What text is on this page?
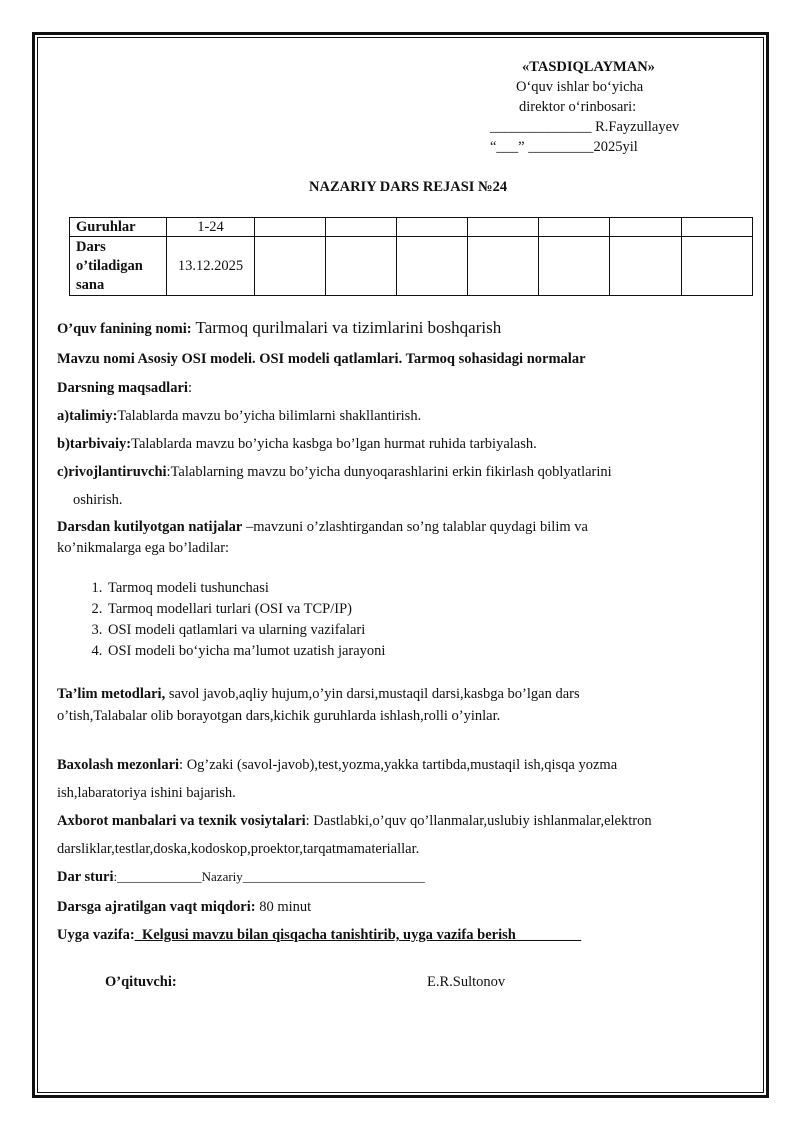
«TASDIQLAYMAN»
O‘quv ishlar bo‘yicha
direktor o‘rinbosari:
______________ R.Fayzullayev
“___” _________2025yil
NAZARIY DARS REJASI №24
Guruhlar	1-24							
Dars o’tiladigan sana	13.12.2025							
O’quv fanining nomi: Tarmoq qurilmalari va tizimlarini boshqarish
Mavzu nomi Asosiy OSI modeli. OSI modeli qatlamlari. Tarmoq sohasidagi normalar
Darsning maqsadlari:
a)talimiy:Talablarda mavzu bo’yicha bilimlarni shakllantirish.
b)tarbivaiy:Talablarda mavzu bo’yicha kasbga bo’lgan hurmat ruhida tarbiyalash.
c)rivojlantiruvchi:Talablarning mavzu bo’yicha dunyoqarashlarini erkin fikirlash qoblyatlarini
oshirish.
Darsdan kutilyotgan natijalar –mavzuni o’zlashtirgandan so’ng talablar quydagi bilim va
ko’nikmalarga ega bo’ladilar:
1. Tarmoq modeli tushunchasi
2. Tarmoq modellari turlari (OSI va TCP/IP)
3. OSI modeli qatlamlari va ularning vazifalari
4. OSI modeli bo‘yicha ma’lumot uzatish jarayoni
Ta’lim metodlari, savol javob,aqliy hujum,o’yin darsi,mustaqil darsi,kasbga bo’lgan dars
o’tish,Talabalar olib borayotgan dars,kichik guruhlarda ishlash,rolli o’yinlar.
Baxolash mezonlari: Og’zaki (savol-javob),test,yozma,yakka tartibda,mustaqil ish,qisqa yozma
ish,labaratoriya ishini bajarish.
Axborot manbalari va texnik vosiytalari: Dastlabki,o’quv qo’llanmalar,uslubiy ishlanmalar,elektron
darsliklar,testlar,doska,kodoskop,proektor,tarqatmamateriallar.
Dar sturi:_____________Nazariy____________________________
Darsga ajratilgan vaqt miqdori: 80 minut
Uyga vazifa:_Kelgusi mavzu bilan qisqacha tanishtirib, uyga vazifa berish_________
O’qituvchi:	E.R.Sultonov
